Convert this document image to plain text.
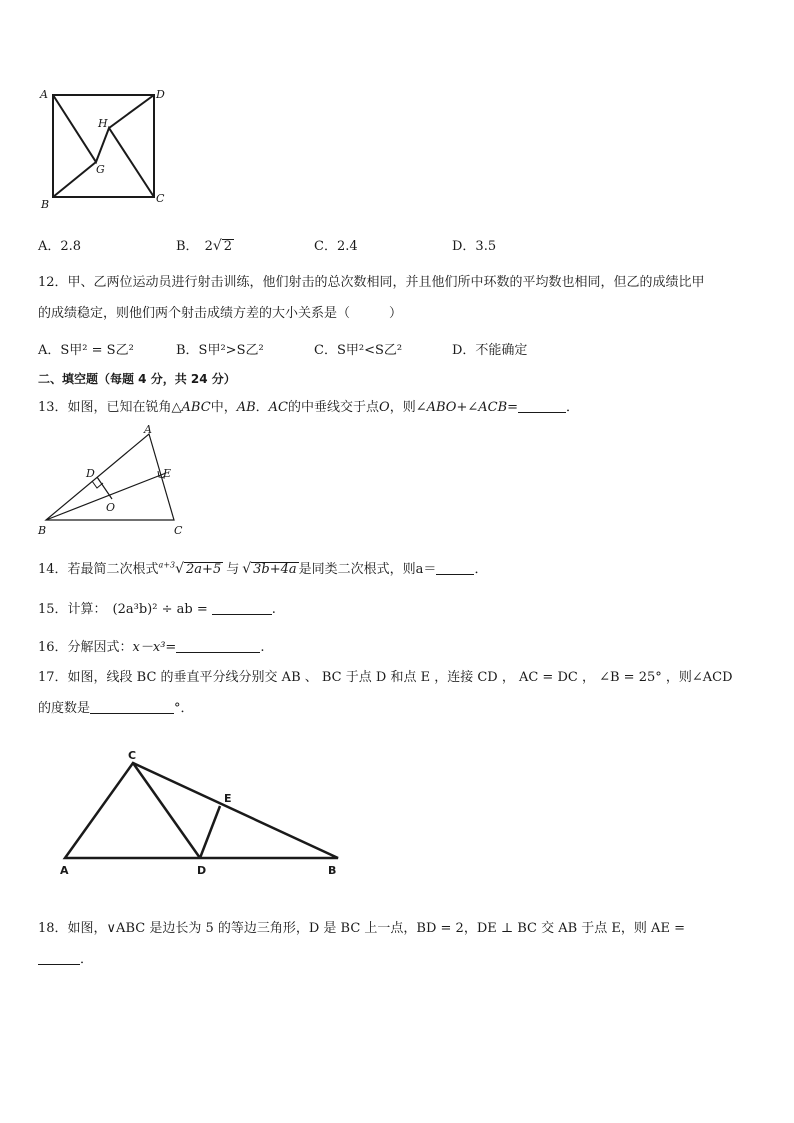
A	D
H
G
B	C
A．2.8	B． 2√ 2	C．2.4	D．3.5
12．甲、乙两位运动员进行射击训练，他们射击的总次数相同，并且他们所中环数的平均数也相同，但乙的成绩比甲
的成绩稳定，则他们两个射击成绩方差的大小关系是（　　　）
A．S甲² = S乙²	B．S甲²>S乙²	C．S甲²<S乙²	D．不能确定
二、填空题（每题 4 分，共 24 分）
13．如图，已知在锐角△ABC中，AB．AC的中垂线交于点O，则∠ABO+∠ACB=	．
A
D	E
O
B	C
14．若最简二次根式$^{a+3}$√ 2a+5 与 √ 3b+4a 是同类二次根式，则a＝	．
15．计算： (2a³b)² ÷ ab =	.
16．分解因式：x－x³=	.
17．如图，线段 BC 的垂直平分线分别交 AB 、 BC 于点 D 和点 E ，连接 CD ， AC = DC ， ∠B = 25° ，则∠ACD
的度数是	°．
C
E
A	D	B
18．如图，∨ABC 是边长为 5 的等边三角形，D 是 BC 上一点，BD = 2，DE ⊥ BC 交 AB 于点 E，则 AE =
．
